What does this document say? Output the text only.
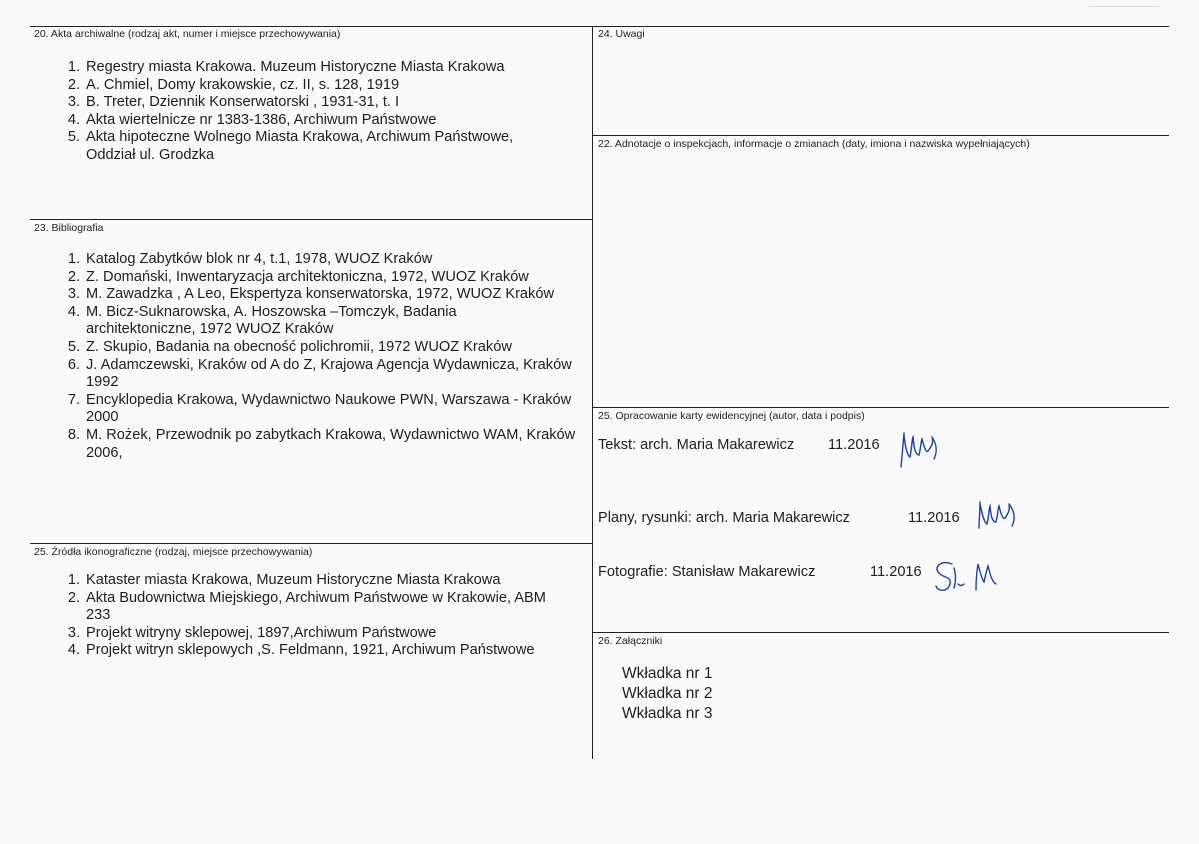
20. Akta archiwalne (rodzaj akt, numer i miejsce przechowywania)
1. Regestry miasta Krakowa. Muzeum Historyczne Miasta Krakowa
2. A. Chmiel, Domy krakowskie, cz. II, s. 128, 1919
3. B. Treter, Dziennik Konserwatorski , 1931-31, t. I
4. Akta wiertelnicze nr 1383-1386, Archiwum Państwowe
5. Akta hipoteczne Wolnego Miasta Krakowa, Archiwum Państwowe, Oddział ul. Grodzka
23. Bibliografia
1. Katalog Zabytków blok nr 4, t.1, 1978, WUOZ Kraków
2. Z. Domański, Inwentaryzacja architektoniczna, 1972, WUOZ Kraków
3. M. Zawadzka , A Leo, Ekspertyza konserwatorska, 1972, WUOZ Kraków
4. M. Bicz-Suknarowska, A. Hoszowska –Tomczyk, Badania architektoniczne, 1972 WUOZ Kraków
5. Z. Skupio, Badania na obecność polichromii, 1972 WUOZ Kraków
6. J. Adamczewski, Kraków od A do Z, Krajowa Agencja Wydawnicza, Kraków 1992
7. Encyklopedia Krakowa, Wydawnictwo Naukowe PWN, Warszawa - Kraków 2000
8. M. Rożek, Przewodnik po zabytkach Krakowa, Wydawnictwo WAM, Kraków 2006,
25. Źródła ikonograficzne (rodzaj, miejsce przechowywania)
1. Kataster miasta Krakowa, Muzeum Historyczne Miasta Krakowa
2. Akta Budownictwa Miejskiego, Archiwum Państwowe w Krakowie, ABM 233
3. Projekt witryny sklepowej, 1897,Archiwum Państwowe
4. Projekt witryn sklepowych ,S. Feldmann, 1921, Archiwum Państwowe
24. Uwagi
22. Adnotacje o inspekcjach, informacje o zmianach (daty, imiona i nazwiska wypełniających)
25. Opracowanie karty ewidencyjnej (autor, data i podpis)
Tekst: arch. Maria Makarewicz 11.2016
Plany, rysunki: arch. Maria Makarewicz	11.2016
Fotografie: Stanisław Makarewicz	11.2016
26. Załączniki
Wkładka nr 1
Wkładka nr 2
Wkładka nr 3
